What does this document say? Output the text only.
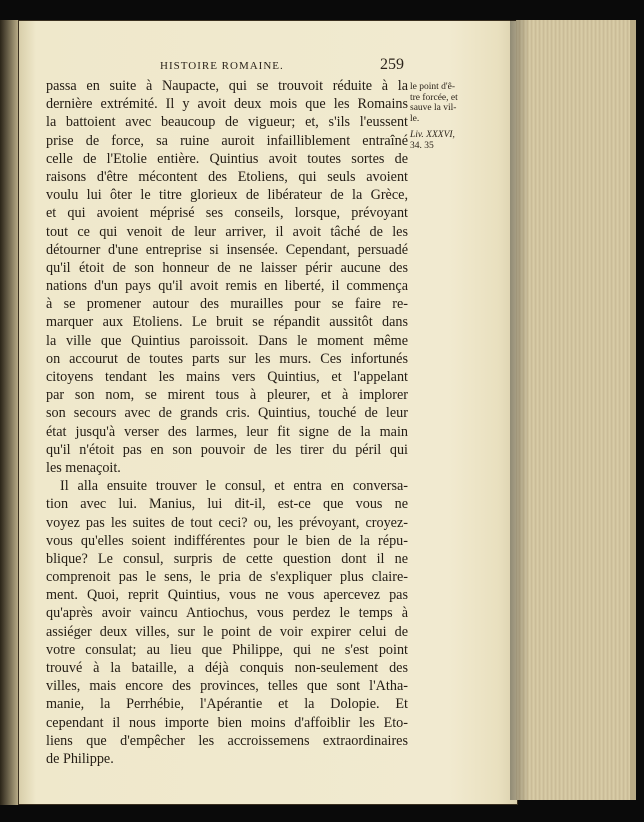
HISTOIRE ROMAINE.	259
passa en suite à Naupacte, qui se trouvoit réduite à la
dernière extrémité. Il y avoit deux mois que les Romains
la battoient avec beaucoup de vigueur; et, s'ils l'eussent
prise de force, sa ruine auroit infailliblement entraîné
celle de l'Etolie entière. Quintius avoit toutes sortes de
raisons d'être mécontent des Etoliens, qui seuls avoient
voulu lui ôter le titre glorieux de libérateur de la Grèce,
et qui avoient méprisé ses conseils, lorsque, prévoyant
tout ce qui venoit de leur arriver, il avoit tâché de les
détourner d'une entreprise si insensée. Cependant, persuadé
qu'il étoit de son honneur de ne laisser périr aucune des
nations d'un pays qu'il avoit remis en liberté, il commença
à se promener autour des murailles pour se faire re-
marquer aux Etoliens. Le bruit se répandit aussitôt dans
la ville que Quintius paroissoit. Dans le moment même
on accourut de toutes parts sur les murs. Ces infortunés
citoyens tendant les mains vers Quintius, et l'appelant
par son nom, se mirent tous à pleurer, et à implorer
son secours avec de grands cris. Quintius, touché de leur
état jusqu'à verser des larmes, leur fit signe de la main
qu'il n'étoit pas en son pouvoir de les tirer du péril qui
les menaçoit.
Il alla ensuite trouver le consul, et entra en conversa-
tion avec lui. Manius, lui dit-il, est-ce que vous ne
voyez pas les suites de tout ceci? ou, les prévoyant, croyez-
vous qu'elles soient indifférentes pour le bien de la répu-
blique? Le consul, surpris de cette question dont il ne
comprenoit pas le sens, le pria de s'expliquer plus claire-
ment. Quoi, reprit Quintius, vous ne vous apercevez pas
qu'après avoir vaincu Antiochus, vous perdez le temps à
assiéger deux villes, sur le point de voir expirer celui de
votre consulat; au lieu que Philippe, qui ne s'est point
trouvé à la bataille, a déjà conquis non-seulement des
villes, mais encore des provinces, telles que sont l'Atha-
manie, la Perrhébie, l'Apérantie et la Dolopie. Et
cependant il nous importe bien moins d'affoiblir les Eto-
liens que d'empêcher les accroissemens extraordinaires
de Philippe.
le point d'ê-
tre forcée, et
sauve la vil-
le.
Liv. XXXVI,
34. 35
